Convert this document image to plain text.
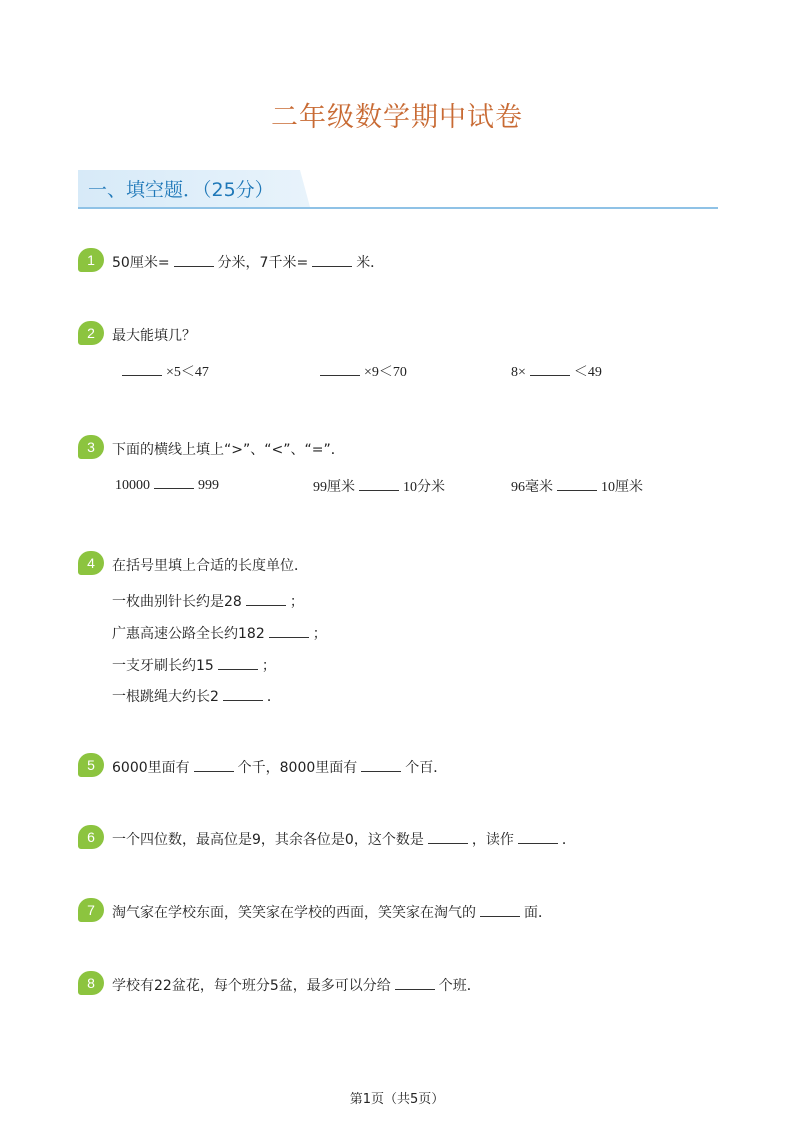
二年级数学期中试卷
一、填空题．（25分）
1	50厘米=	分米，7千米=	米．
2	最大能填几？
×5＜47	×9＜70	8×	＜49
3	下面的横线上填上“>”、“<”、“=”．
10000	999	99厘米	10分米	96毫米	10厘米
4	在括号里填上合适的长度单位．
一枚曲别针长约是28	；
广惠高速公路全长约182	；
一支牙刷长约15	；
一根跳绳大约长2	．
5	6000里面有	个千，8000里面有	个百．
6	一个四位数，最高位是9，其余各位是0，这个数是	，读作	．
7	淘气家在学校东面，笑笑家在学校的西面，笑笑家在淘气的	面．
8	学校有22盆花，每个班分5盆，最多可以分给	个班．
第1页（共5页）
